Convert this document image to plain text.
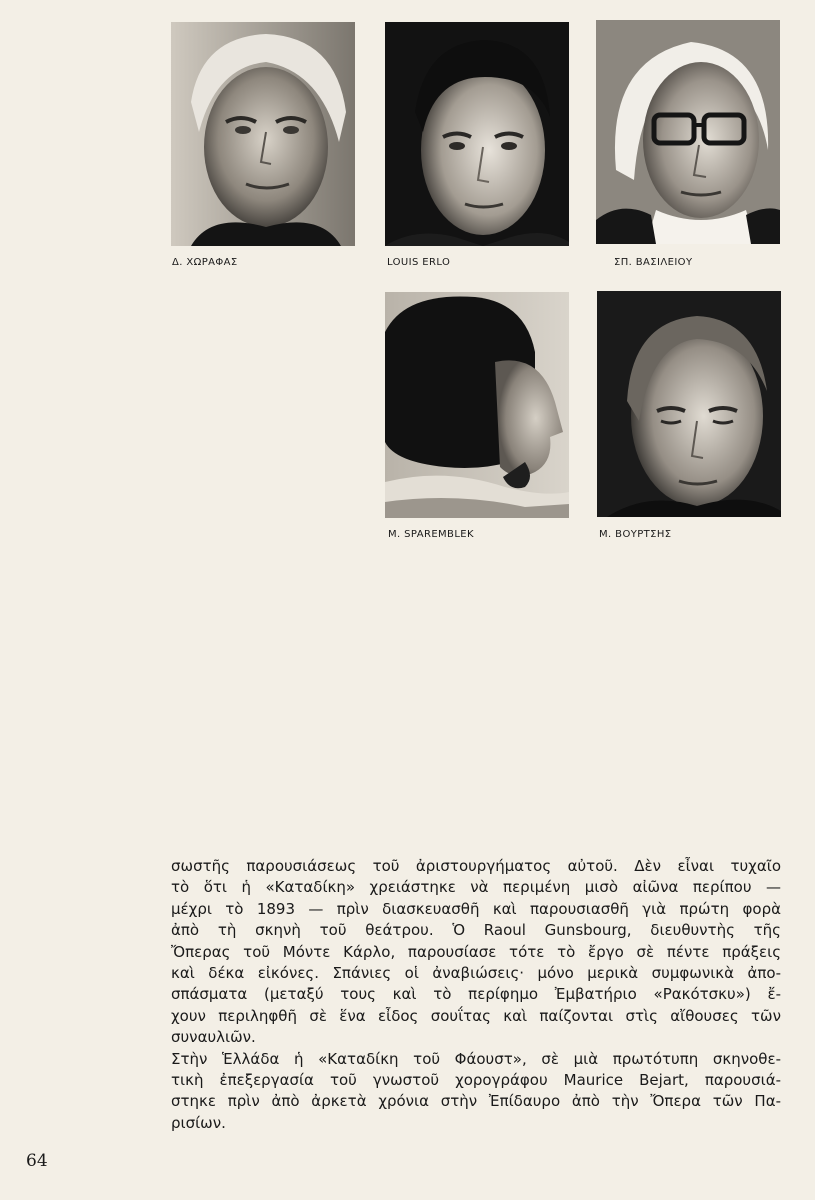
Δ. ΧΩΡΑΦΑΣ	LOUIS ERLO	ΣΠ. ΒΑΣΙΛΕΙΟΥ
M. SPAREMBLEK	Μ. ΒΟΥΡΤΣΗΣ
σωστῆς παρουσιάσεως τοῦ ἀριστουργήματος αὐτοῦ. Δὲν εἶναι τυχαῖο
τὸ ὅτι ἡ «Καταδίκη» χρειάστηκε νὰ περιμένη μισὸ αἰῶνα περίπου —
μέχρι τὸ 1893 — πρὶν διασκευασθῆ καὶ παρουσιασθῆ γιὰ πρώτη φορὰ
ἀπὸ τὴ σκηνὴ τοῦ θεάτρου. Ὁ Raoul Gunsbourg, διευθυντὴς τῆς
Ὄπερας τοῦ Μόντε Κάρλο, παρουσίασε τότε τὸ ἔργο σὲ πέντε πράξεις
καὶ δέκα εἰκόνες. Σπάνιες οἱ ἀναβιώσεις· μόνο μερικὰ συμφωνικὰ ἀπο-
σπάσματα (μεταξύ τους καὶ τὸ περίφημο Ἐμβατήριο «Ρακότσκυ») ἔ-
χουν περιληφθῆ σὲ ἕνα εἶδος σουΐτας καὶ παίζονται στὶς αἴθουσες τῶν
συναυλιῶν.
Στὴν Ἑλλάδα ἡ «Καταδίκη τοῦ Φάουστ», σὲ μιὰ πρωτότυπη σκηνοθε-
τικὴ ἐπεξεργασία τοῦ γνωστοῦ χορογράφου Maurice Bejart, παρουσιά-
στηκε πρὶν ἀπὸ ἀρκετὰ χρόνια στὴν Ἐπίδαυρο ἀπὸ τὴν Ὄπερα τῶν Πα-
ρισίων.
64
